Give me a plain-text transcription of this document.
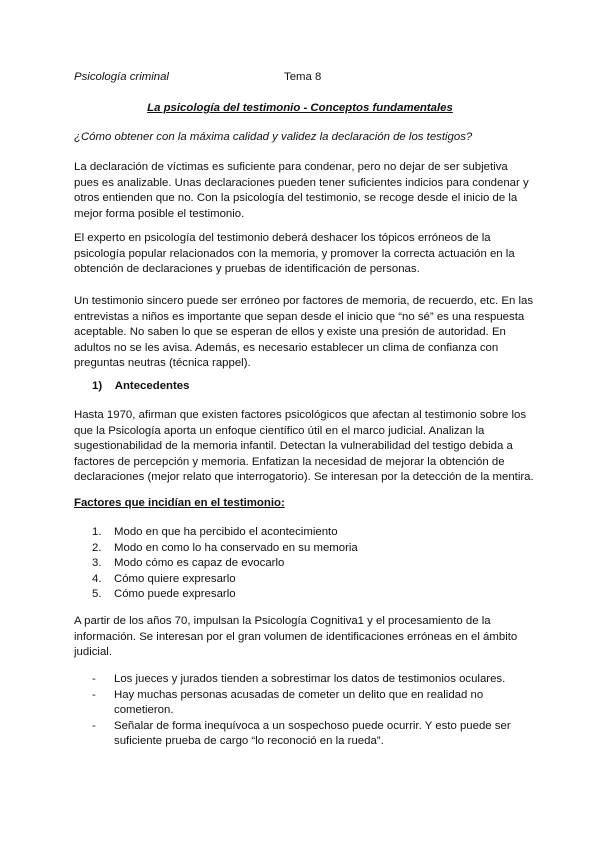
Psicología criminal	Tema 8
La psicología del testimonio - Conceptos fundamentales
¿Cómo obtener con la máxima calidad y validez la declaración de los testigos?
La declaración de víctimas es suficiente para condenar, pero no dejar de ser subjetiva pues es analizable. Unas declaraciones pueden tener suficientes indicios para condenar y otros entienden que no. Con la psicología del testimonio, se recoge desde el inicio de la mejor forma posible el testimonio.
El experto en psicología del testimonio deberá deshacer los tópicos erróneos de la psicología popular relacionados con la memoria, y promover la correcta actuación en la obtención de declaraciones y pruebas de identificación de personas.
Un testimonio sincero puede ser erróneo por factores de memoria, de recuerdo, etc. En las entrevistas a niños es importante que sepan desde el inicio que “no sé” es una respuesta aceptable. No saben lo que se esperan de ellos y existe una presión de autoridad. En adultos no se les avisa. Además, es necesario establecer un clima de confianza con preguntas neutras (técnica rappel).
1) Antecedentes
Hasta 1970, afirman que existen factores psicológicos que afectan al testimonio sobre los que la Psicología aporta un enfoque científico útil en el marco judicial. Analizan la sugestionabilidad de la memoria infantil. Detectan la vulnerabilidad del testigo debida a factores de percepción y memoria. Enfatizan la necesidad de mejorar la obtención de declaraciones (mejor relato que interrogatorio). Se interesan por la detección de la mentira.
Factores que incidían en el testimonio:
1. Modo en que ha percibido el acontecimiento
2. Modo en como lo ha conservado en su memoria
3. Modo cómo es capaz de evocarlo
4. Cómo quiere expresarlo
5. Cómo puede expresarlo
A partir de los años 70, impulsan la Psicología Cognitiva1 y el procesamiento de la información. Se interesan por el gran volumen de identificaciones erróneas en el ámbito judicial.
- Los jueces y jurados tienden a sobrestimar los datos de testimonios oculares.
- Hay muchas personas acusadas de cometer un delito que en realidad no cometieron.
- Señalar de forma inequívoca a un sospechoso puede ocurrir. Y esto puede ser suficiente prueba de cargo “lo reconoció en la rueda”.
